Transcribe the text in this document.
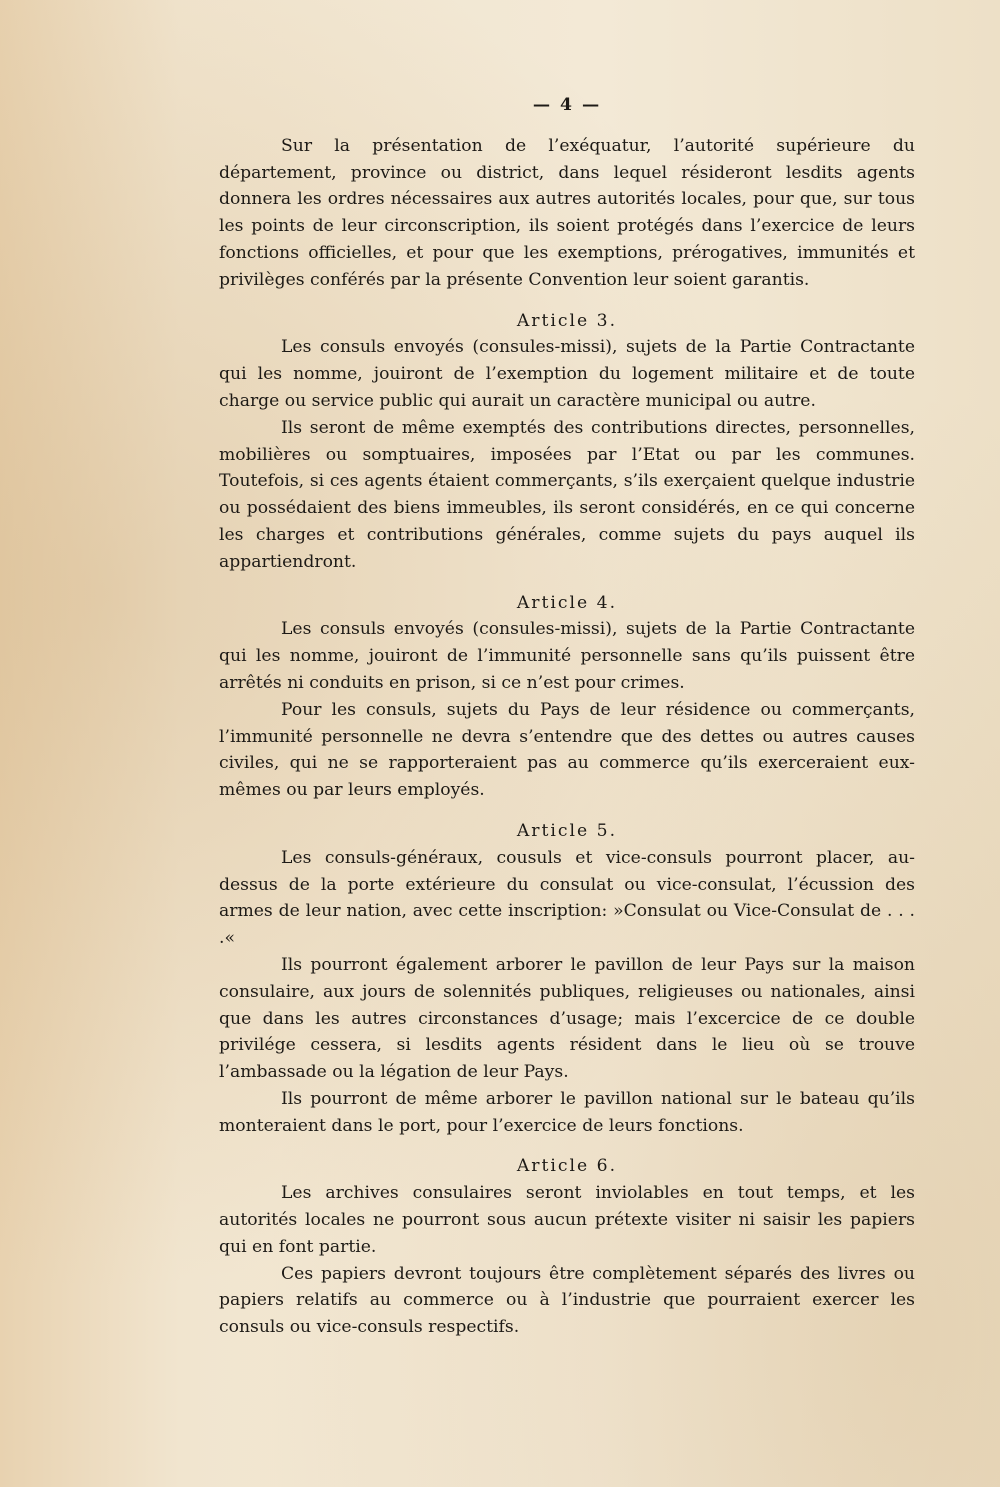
— 4 —

Sur la présentation de l’exéquatur, l’autorité supérieure du département, province ou district, dans lequel résideront lesdits agents donnera les ordres nécessaires aux autres autorités locales, pour que, sur tous les points de leur circonscription, ils soient protégés dans l’exercice de leurs fonctions officielles, et pour que les exemptions, prérogatives, immunités et privilèges conférés par la présente Convention leur soient garantis.

Article 3.

Les consuls envoyés (consules-missi), sujets de la Partie Contractante qui les nomme, jouiront de l’exemption du logement militaire et de toute charge ou service public qui aurait un caractère municipal ou autre.

Ils seront de même exemptés des contributions directes, personnelles, mobilières ou somptuaires, imposées par l’Etat ou par les communes. Toutefois, si ces agents étaient commerçants, s’ils exerçaient quelque industrie ou possédaient des biens immeubles, ils seront considérés, en ce qui concerne les charges et contributions générales, comme sujets du pays auquel ils appartiendront.

Article 4.

Les consuls envoyés (consules-missi), sujets de la Partie Contractante qui les nomme, jouiront de l’immunité personnelle sans qu’ils puissent être arrêtés ni conduits en prison, si ce n’est pour crimes.

Pour les consuls, sujets du Pays de leur résidence ou commerçants, l’immunité personnelle ne devra s’entendre que des dettes ou autres causes civiles, qui ne se rapporteraient pas au commerce qu’ils exerceraient eux-mêmes ou par leurs employés.

Article 5.

Les consuls-généraux, cousuls et vice-consuls pourront placer, au-dessus de la porte extérieure du consulat ou vice-consulat, l’écussion des armes de leur nation, avec cette inscription: »Consulat ou Vice-Consulat de . . . .«

Ils pourront également arborer le pavillon de leur Pays sur la maison consulaire, aux jours de solennités publiques, religieuses ou nationales, ainsi que dans les autres circonstances d’usage; mais l’excercice de ce double privilége cessera, si lesdits agents résident dans le lieu où se trouve l’ambassade ou la légation de leur Pays.

Ils pourront de même arborer le pavillon national sur le bateau qu’ils monteraient dans le port, pour l’exercice de leurs fonctions.

Article 6.

Les archives consulaires seront inviolables en tout temps, et les autorités locales ne pourront sous aucun prétexte visiter ni saisir les papiers qui en font partie.

Ces papiers devront toujours être complètement séparés des livres ou papiers relatifs au commerce ou à l’industrie que pourraient exercer les consuls ou vice-consuls respectifs.
